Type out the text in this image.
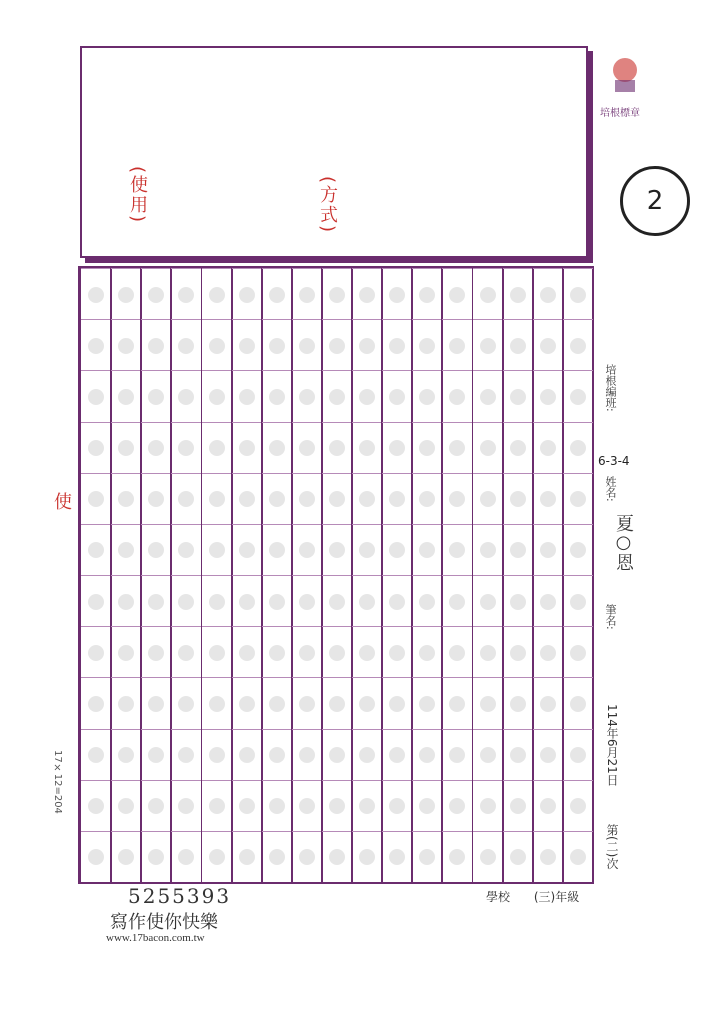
(使用)	(方式)
培根標章
2
使
17×12=204
培根編班:
6-3-4
姓名:
夏○恩
筆名:
114年6月21日
第(二)次
學校 (三)年級
5255393
寫作使你快樂
www.17bacon.com.tw
